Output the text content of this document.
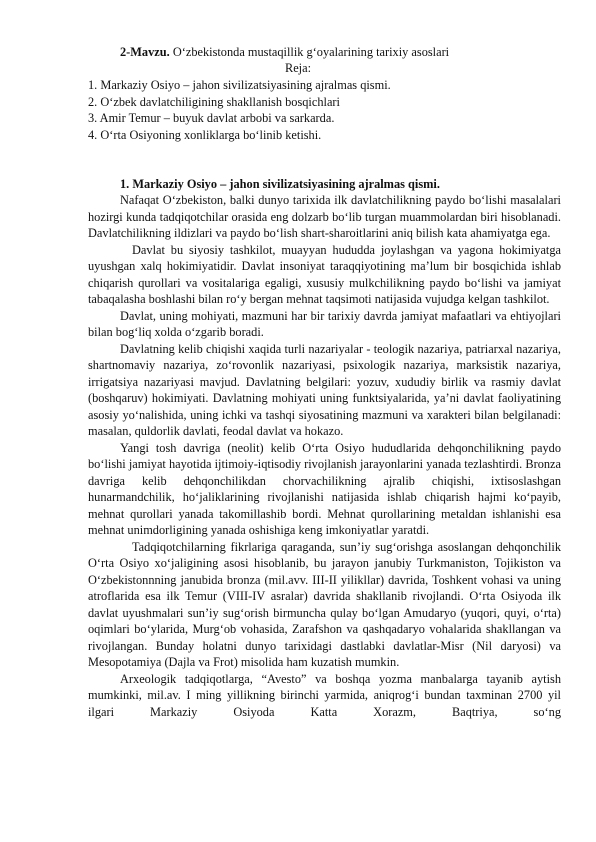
2-Mavzu. O‘zbekistonda mustaqillik g‘oyalarining tarixiy asoslari
Reja:
1. Markaziy Osiyo – jahon sivilizatsiyasining ajralmas qismi.
2. O‘zbek davlatchiligining shakllanish bosqichlari
3. Amir Temur – buyuk davlat arbobi va sarkarda.
4. O‘rta Osiyoning xonliklarga bo‘linib ketishi.
1. Markaziy Osiyo – jahon sivilizatsiyasining ajralmas qismi.

Nafaqat O‘zbekiston, balki dunyo tarixida ilk davlatchilikning paydo bo‘lishi masalalari hozirgi kunda tadqiqotchilar orasida eng dolzarb bo‘lib turgan muammolardan biri hisoblanadi. Davlatchilikning ildizlari va paydo bo‘lish shart-sharoitlarini aniq bilish kata ahamiyatga ega.

Davlat bu siyosiy tashkilot, muayyan hududda joylashgan va yagona hokimiyatga uyushgan xalq hokimiyatidir. Davlat insoniyat taraqqiyotining ma’lum bir bosqichida ishlab chiqarish qurollari va vositalariga egaligi, xususiy mulkchilikning paydo bo‘lishi va jamiyat tabaqalasha boshlashi bilan ro‘y bergan mehnat taqsimoti natijasida vujudga kelgan tashkilot.

Davlat, uning mohiyati, mazmuni har bir tarixiy davrda jamiyat mafaatlari va ehtiyojlari bilan bog‘liq xolda o‘zgarib boradi.

Davlatning kelib chiqishi xaqida turli nazariyalar - teologik nazariya, patriarxal nazariya, shartnomaviy nazariya, zo‘rovonlik nazariyasi, psixologik nazariya, marksistik nazariya, irrigatsiya nazariyasi mavjud. Davlatning belgilari: yozuv, xududiy birlik va rasmiy davlat (boshqaruv) hokimiyati. Davlatning mohiyati uning funktsiyalarida, ya’ni davlat faoliyatining asosiy yo‘nalishida, uning ichki va tashqi siyosatining mazmuni va xarakteri bilan belgilanadi: masalan, quldorlik davlati, feodal davlat va hokazo.

Yangi tosh davriga (neolit) kelib O‘rta Osiyo hududlarida dehqonchilikning paydo bo‘lishi jamiyat hayotida ijtimoiy-iqtisodiy rivojlanish jarayonlarini yanada tezlashtirdi. Bronza davriga kelib dehqonchilikdan chorvachilikning ajralib chiqishi, ixtisoslashgan hunarmandchilik, ho‘jaliklarining rivojlanishi natijasida ishlab chiqarish hajmi ko‘payib, mehnat qurollari yanada takomillashib bordi. Mehnat qurollarining metaldan ishlanishi esa mehnat unimdorligining yanada oshishiga keng imkoniyatlar yaratdi.

Tadqiqotchilarning fikrlariga qaraganda, sun’iy sug‘orishga asoslangan dehqonchilik O‘rta Osiyo xo‘jaligining asosi hisoblanib, bu jarayon janubiy Turkmaniston, Tojikiston va O‘zbekistonnning janubida bronza (mil.avv. III-II yilikllar) davrida, Toshkent vohasi va uning atroflarida esa ilk Temur (VIII-IV asralar) davrida shakllanib rivojlandi. O‘rta Osiyoda ilk davlat uyushmalari sun’iy sug‘orish birmuncha qulay bo‘lgan Amudaryo (yuqori, quyi, o‘rta) oqimlari bo‘ylarida, Murg‘ob vohasida, Zarafshon va qashqadaryo vohalarida shakllangan va rivojlangan. Bunday holatni dunyo tarixidagi dastlabki davlatlar-Misr (Nil daryosi) va Mesopotamiya (Dajla va Frot) misolida ham kuzatish mumkin.

Arxeologik tadqiqotlarga, “Avesto” va boshqa yozma manbalarga tayanib aytish mumkinki, mil.av. I ming yillikning birinchi yarmida, aniqrog‘i bundan taxminan 2700 yil ilgari Markaziy Osiyoda Katta Xorazm, Baqtriya, so‘ng
